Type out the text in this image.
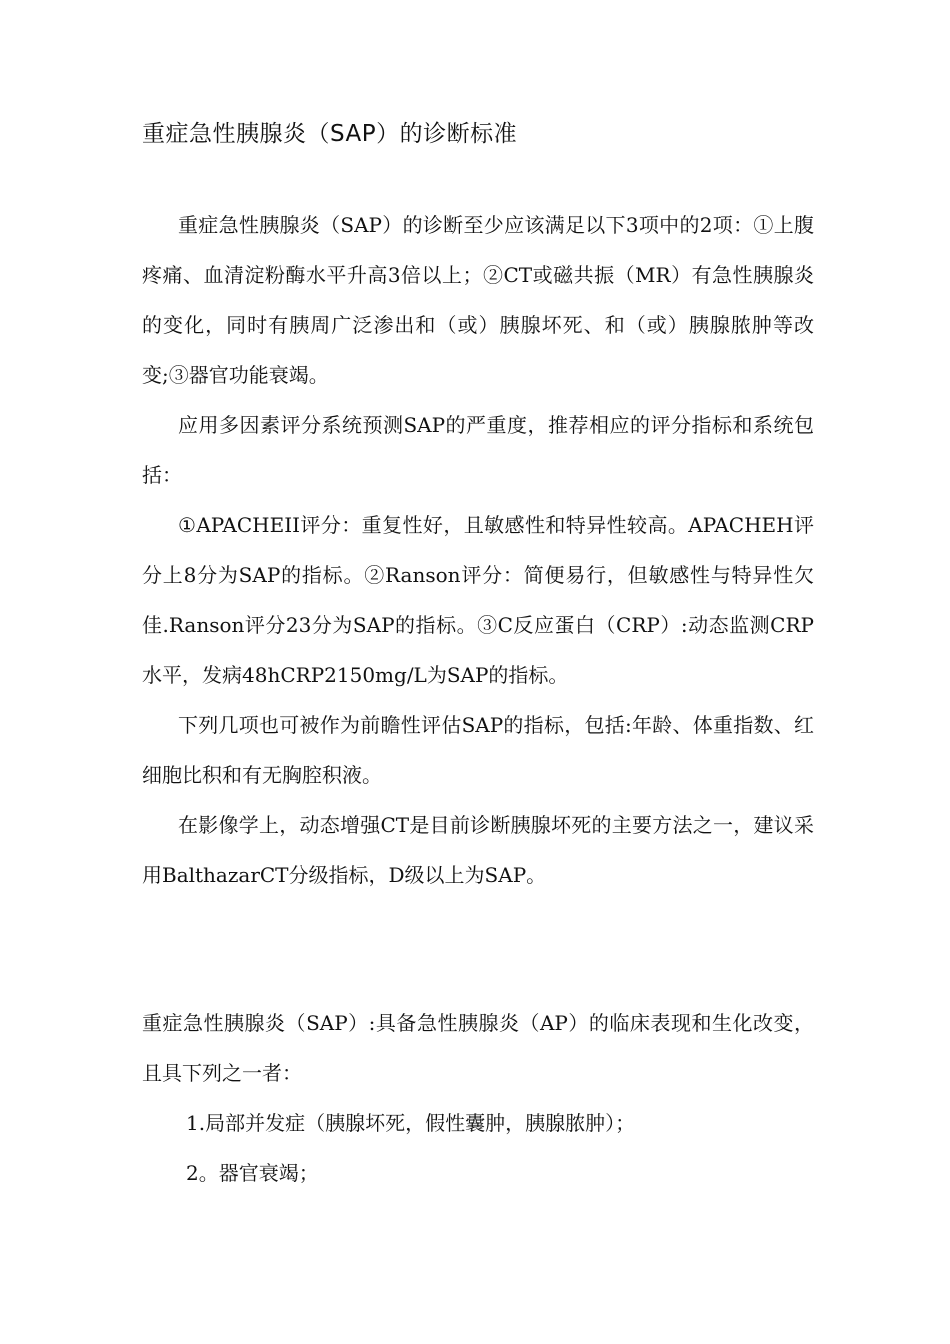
重症急性胰腺炎（SAP）的诊断标准

重症急性胰腺炎（SAP）的诊断至少应该满足以下3项中的2项：①上腹疼痛、血清淀粉酶水平升高3倍以上；②CT或磁共振（MR）有急性胰腺炎的变化，同时有胰周广泛渗出和（或）胰腺坏死、和（或）胰腺脓肿等改变;③器官功能衰竭。

应用多因素评分系统预测SAP的严重度，推荐相应的评分指标和系统包括：

①APACHEII评分：重复性好，且敏感性和特异性较高。APACHEH评分上8分为SAP的指标。②Ranson评分：简便易行，但敏感性与特异性欠佳.Ranson评分23分为SAP的指标。③C反应蛋白（CRP）:动态监测CRP水平，发病48hCRP2150mg/L为SAP的指标。

下列几项也可被作为前瞻性评估SAP的指标，包括:年龄、体重指数、红细胞比积和有无胸腔积液。

在影像学上，动态增强CT是目前诊断胰腺坏死的主要方法之一，建议采用BalthazarCT分级指标，D级以上为SAP。

重症急性胰腺炎（SAP）:具备急性胰腺炎（AP）的临床表现和生化改变，且具下列之一者：

1.局部并发症（胰腺坏死，假性囊肿，胰腺脓肿）；

2。器官衰竭；
